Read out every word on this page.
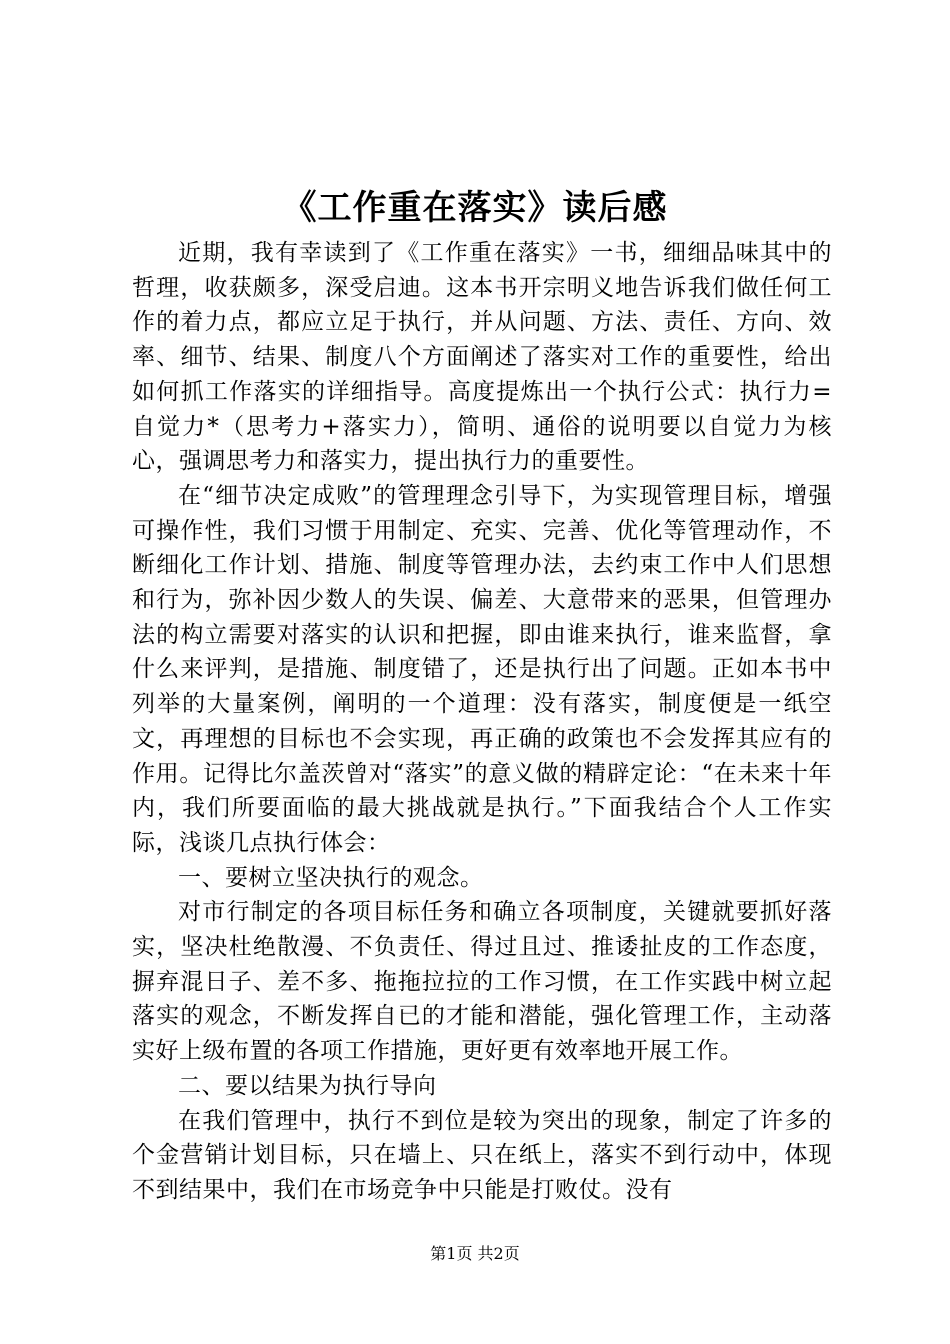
《工作重在落实》读后感

近期，我有幸读到了《工作重在落实》一书，细细品味其中的哲理，收获颇多，深受启迪。这本书开宗明义地告诉我们做任何工作的着力点，都应立足于执行，并从问题、方法、责任、方向、效率、细节、结果、制度八个方面阐述了落实对工作的重要性，给出如何抓工作落实的详细指导。高度提炼出一个执行公式：执行力=自觉力*（思考力+落实力），简明、通俗的说明要以自觉力为核心，强调思考力和落实力，提出执行力的重要性。

在“细节决定成败”的管理理念引导下，为实现管理目标，增强可操作性，我们习惯于用制定、充实、完善、优化等管理动作，不断细化工作计划、措施、制度等管理办法，去约束工作中人们思想和行为，弥补因少数人的失误、偏差、大意带来的恶果，但管理办法的构立需要对落实的认识和把握，即由谁来执行，谁来监督，拿什么来评判，是措施、制度错了，还是执行出了问题。正如本书中列举的大量案例，阐明的一个道理：没有落实，制度便是一纸空文，再理想的目标也不会实现，再正确的政策也不会发挥其应有的作用。记得比尔盖茨曾对“落实”的意义做的精辟定论：“在未来十年内，我们所要面临的最大挑战就是执行。”下面我结合个人工作实际，浅谈几点执行体会：

一、要树立坚决执行的观念。

对市行制定的各项目标任务和确立各项制度，关键就要抓好落实，坚决杜绝散漫、不负责任、得过且过、推诿扯皮的工作态度，摒弃混日子、差不多、拖拖拉拉的工作习惯，在工作实践中树立起落实的观念，不断发挥自已的才能和潜能，强化管理工作，主动落实好上级布置的各项工作措施，更好更有效率地开展工作。

二、要以结果为执行导向

在我们管理中，执行不到位是较为突出的现象，制定了许多的个金营销计划目标，只在墙上、只在纸上，落实不到行动中，体现不到结果中，我们在市场竞争中只能是打败仗。没有

第1页 共2页
